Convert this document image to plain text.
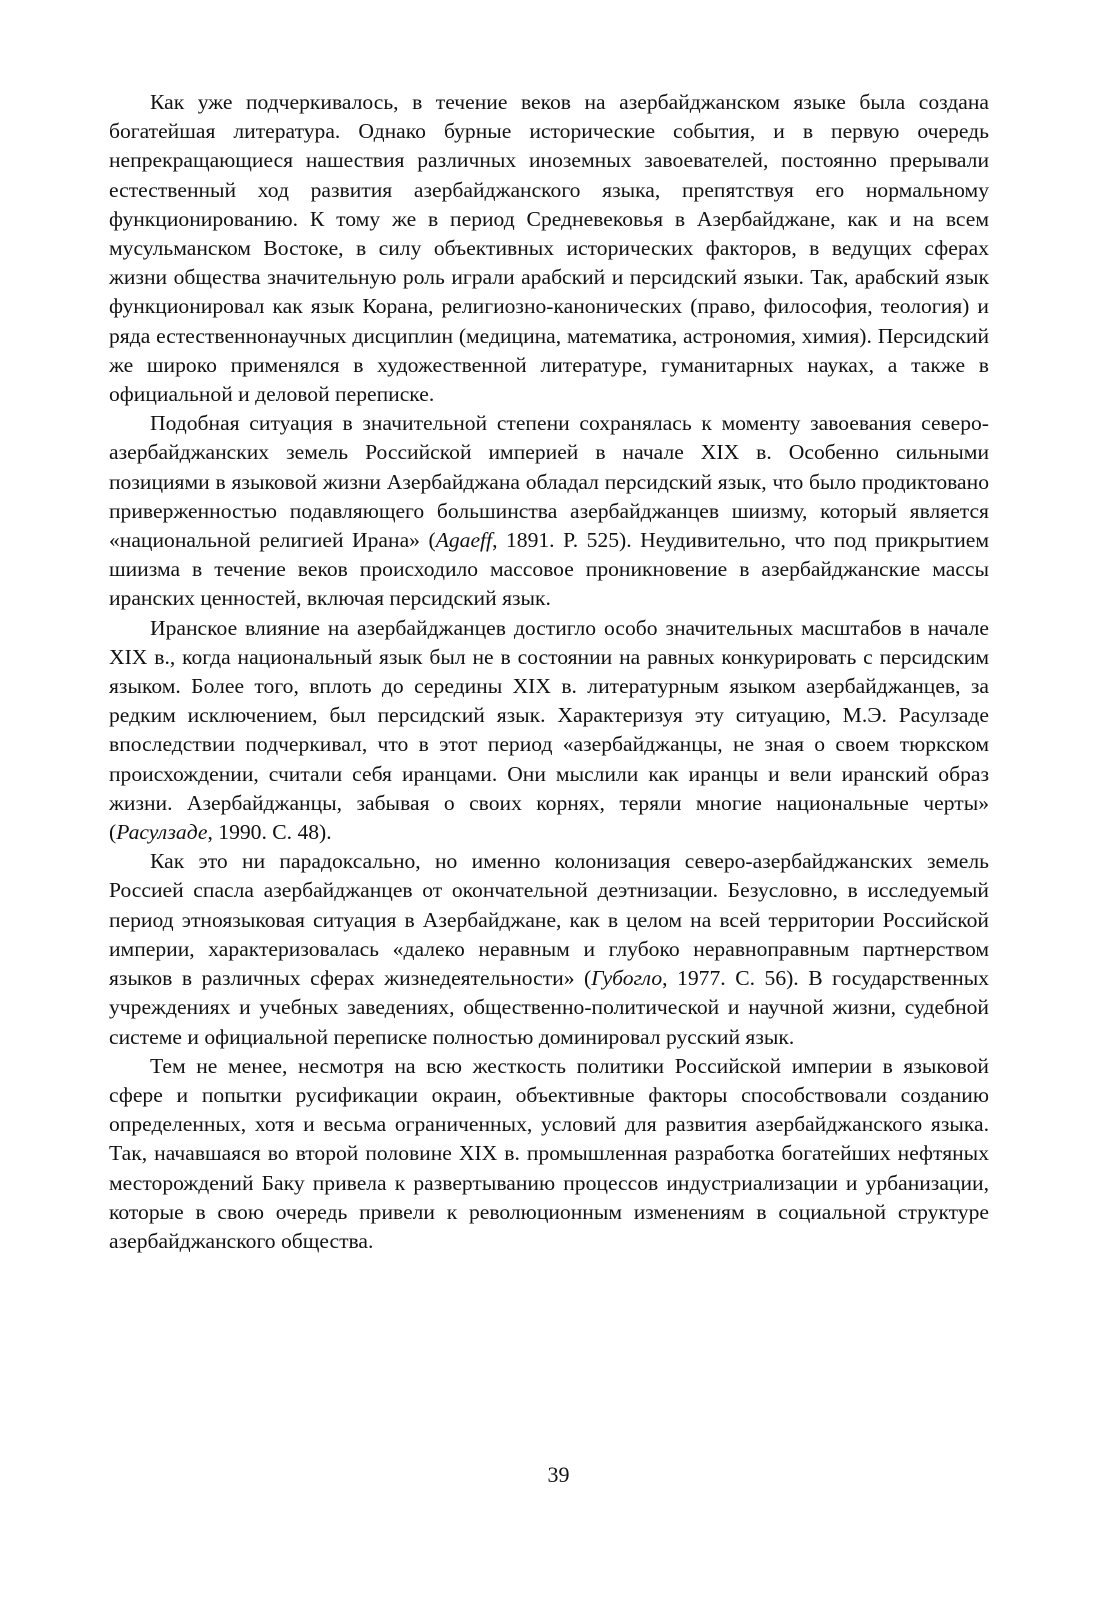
Как уже подчеркивалось, в течение веков на азербайджанском языке была создана богатейшая литература. Однако бурные исторические события, и в первую очередь непрекращающиеся нашествия различных иноземных завоевателей, постоянно прерывали естественный ход развития азербайджанского языка, препятствуя его нормальному функционированию. К тому же в период Средневековья в Азербайджане, как и на всем мусульманском Востоке, в силу объективных исторических факторов, в ведущих сферах жизни общества значительную роль играли арабский и персидский языки. Так, арабский язык функционировал как язык Корана, религиозно-канонических (право, философия, теология) и ряда естественнонаучных дисциплин (медицина, математика, астрономия, химия). Персидский же широко применялся в художественной литературе, гуманитарных науках, а также в официальной и деловой переписке.

Подобная ситуация в значительной степени сохранялась к моменту завоевания северо-азербайджанских земель Российской империей в начале XIX в. Особенно сильными позициями в языковой жизни Азербайджана обладал персидский язык, что было продиктовано приверженностью подавляющего большинства азербайджанцев шиизму, который является «национальной религией Ирана» (Agaeff, 1891. P. 525). Неудивительно, что под прикрытием шиизма в течение веков происходило массовое проникновение в азербайджанские массы иранских ценностей, включая персидский язык.

Иранское влияние на азербайджанцев достигло особо значительных масштабов в начале XIX в., когда национальный язык был не в состоянии на равных конкурировать с персидским языком. Более того, вплоть до середины XIX в. литературным языком азербайджанцев, за редким исключением, был персидский язык. Характеризуя эту ситуацию, М.Э. Расулзаде впоследствии подчеркивал, что в этот период «азербайджанцы, не зная о своем тюркском происхождении, считали себя иранцами. Они мыслили как иранцы и вели иранский образ жизни. Азербайджанцы, забывая о своих корнях, теряли многие национальные черты» (Расулзаде, 1990. С. 48).

Как это ни парадоксально, но именно колонизация северо-азербайджанских земель Россией спасла азербайджанцев от окончательной деэтнизации. Безусловно, в исследуемый период этноязыковая ситуация в Азербайджане, как в целом на всей территории Российской империи, характеризовалась «далеко неравным и глубоко неравноправным партнерством языков в различных сферах жизнедеятельности» (Губогло, 1977. С. 56). В государственных учреждениях и учебных заведениях, общественно-политической и научной жизни, судебной системе и официальной переписке полностью доминировал русский язык.

Тем не менее, несмотря на всю жесткость политики Российской империи в языковой сфере и попытки русификации окраин, объективные факторы способствовали созданию определенных, хотя и весьма ограниченных, условий для развития азербайджанского языка. Так, начавшаяся во второй половине XIX в. промышленная разработка богатейших нефтяных месторождений Баку привела к развертыванию процессов индустриализации и урбанизации, которые в свою очередь привели к революционным изменениям в социальной структуре азербайджанского общества.

39
